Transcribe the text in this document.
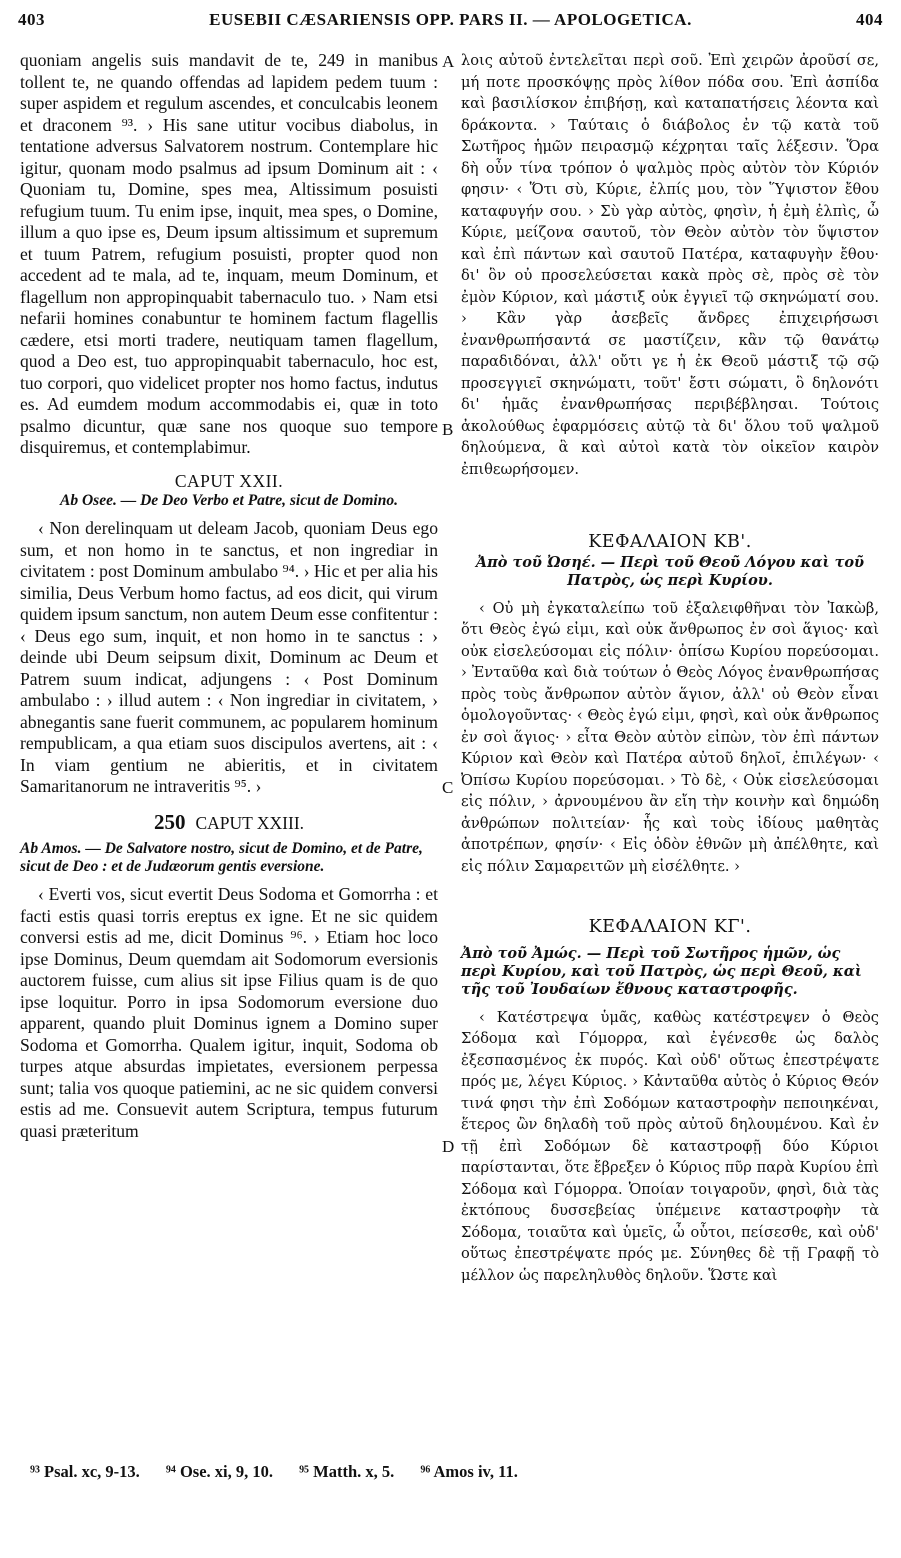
403	EUSEBII CÆSARIENSIS OPP. PARS II. — APOLOGETICA.	404
A
B
C
D

quoniam angelis suis mandavit de te, 249 in manibus tollent te, ne quando offendas ad lapidem pedem tuum : super aspidem et regulum ascendes, et conculcabis leonem et draconem ⁹³. › His sane utitur vocibus diabolus, in tentatione adversus Salvatorem nostrum. Contemplare hic igitur, quonam modo psalmus ad ipsum Dominum ait : ‹ Quoniam tu, Domine, spes mea, Altissimum posuisti refugium tuum. Tu enim ipse, inquit, mea spes, o Domine, illum a quo ipse es, Deum ipsum altissimum et supremum et tuum Patrem, refugium posuisti, propter quod non accedent ad te mala, ad te, inquam, meum Dominum, et flagellum non appropinquabit tabernaculo tuo. › Nam etsi nefarii homines conabuntur te hominem factum flagellis cædere, etsi morti tradere, neutiquam tamen flagellum, quod a Deo est, tuo appropinquabit tabernaculo, hoc est, tuo corpori, quo videlicet propter nos homo factus, indutus es. Ad eumdem modum accommodabis ei, quæ in toto psalmo dicuntur, quæ sane nos quoque suo tempore disquiremus, et contemplabimur.

CAPUT XXII.
Ab Osee. — De Deo Verbo et Patre, sicut de Domino.

‹ Non derelinquam ut deleam Jacob, quoniam Deus ego sum, et non homo in te sanctus, et non ingrediar in civitatem : post Dominum ambulabo ⁹⁴. › Hic et per alia his similia, Deus Verbum homo factus, ad eos dicit, qui virum quidem ipsum sanctum, non autem Deum esse confitentur : ‹ Deus ego sum, inquit, et non homo in te sanctus : › deinde ubi Deum seipsum dixit, Dominum ac Deum et Patrem suum indicat, adjungens : ‹ Post Dominum ambulabo : › illud autem : ‹ Non ingrediar in civitatem, › abnegantis sane fuerit communem, ac popularem hominum rempublicam, a qua etiam suos discipulos avertens, ait : ‹ In viam gentium ne abieritis, et in civitatem Samaritanorum ne intraveritis ⁹⁵. ›

250 CAPUT XXIII.
Ab Amos. — De Salvatore nostro, sicut de Domino, et de Patre, sicut de Deo : et de Judæorum gentis eversione.

‹ Everti vos, sicut evertit Deus Sodoma et Gomorrha : et facti estis quasi torris ereptus ex igne. Et ne sic quidem conversi estis ad me, dicit Dominus ⁹⁶. › Etiam hoc loco ipse Dominus, Deum quemdam ait Sodomorum eversionis auctorem fuisse, cum alius sit ipse Filius quam is de quo ipse loquitur. Porro in ipsa Sodomorum eversione duo apparent, quando pluit Dominus ignem a Domino super Sodoma et Gomorrha. Qualem igitur, inquit, Sodoma ob turpes atque absurdas impietates, eversionem perpessa sunt; talia vos quoque patiemini, ac ne sic quidem conversi estis ad me. Consuevit autem Scriptura, tempus futurum quasi præteritum

λοις αὐτοῦ ἐντελεῖται περὶ σοῦ. Ἐπὶ χειρῶν ἀροῦσί σε, μή ποτε προσκόψῃς πρὸς λίθον πόδα σου. Ἐπὶ ἀσπίδα καὶ βασιλίσκον ἐπιβήσῃ, καὶ καταπατήσεις λέοντα καὶ δράκοντα. › Ταύταις ὁ διάβολος ἐν τῷ κατὰ τοῦ Σωτῆρος ἡμῶν πειρασμῷ κέχρηται ταῖς λέξεσιν. Ὅρα δὴ οὖν τίνα τρόπον ὁ ψαλμὸς πρὸς αὐτὸν τὸν Κύριόν φησιν· ‹ Ὅτι σὺ, Κύριε, ἐλπίς μου, τὸν Ὕψιστον ἔθου καταφυγήν σου. › Σὺ γὰρ αὐτὸς, φησὶν, ἡ ἐμὴ ἐλπὶς, ὦ Κύριε, μείζονα σαυτοῦ, τὸν Θεὸν αὐτὸν τὸν ὕψιστον καὶ ἐπὶ πάντων καὶ σαυτοῦ Πατέρα, καταφυγὴν ἔθου· δι' ὃν οὐ προσελεύσεται κακὰ πρὸς σὲ, πρὸς σὲ τὸν ἐμὸν Κύριον, καὶ μάστιξ οὐκ ἐγγιεῖ τῷ σκηνώματί σου. › Κἂν γὰρ ἀσεβεῖς ἄνδρες ἐπιχειρήσωσι ἐνανθρωπήσαντά σε μαστίζειν, κἂν τῷ θανάτῳ παραδιδόναι, ἀλλ' οὔτι γε ἡ ἐκ Θεοῦ μάστιξ τῷ σῷ προσεγγιεῖ σκηνώματι, τοῦτ' ἔστι σώματι, ὃ δηλονότι δι' ἡμᾶς ἐνανθρωπήσας περιβέβλησαι. Τούτοις ἀκολούθως ἐφαρμόσεις αὐτῷ τὰ δι' ὅλου τοῦ ψαλμοῦ δηλούμενα, ἃ καὶ αὐτοὶ κατὰ τὸν οἰκεῖον καιρὸν ἐπιθεωρήσομεν.

ΚΕΦΑΛΑΙΟΝ ΚΒ'.
Ἀπὸ τοῦ Ὠσηέ. — Περὶ τοῦ Θεοῦ Λόγου καὶ τοῦ Πατρὸς, ὡς περὶ Κυρίου.

‹ Οὐ μὴ ἐγκαταλείπω τοῦ ἐξαλειφθῆναι τὸν Ἰακὼβ, ὅτι Θεὸς ἐγώ εἰμι, καὶ οὐκ ἄνθρωπος ἐν σοὶ ἅγιος· καὶ οὐκ εἰσελεύσομαι εἰς πόλιν· ὀπίσω Κυρίου πορεύσομαι. › Ἐνταῦθα καὶ διὰ τούτων ὁ Θεὸς Λόγος ἐνανθρωπήσας πρὸς τοὺς ἄνθρωπον αὐτὸν ἅγιον, ἀλλ' οὐ Θεὸν εἶναι ὁμολογοῦντας· ‹ Θεὸς ἐγώ εἰμι, φησὶ, καὶ οὐκ ἄνθρωπος ἐν σοὶ ἅγιος· › εἶτα Θεὸν αὐτὸν εἰπὼν, τὸν ἐπὶ πάντων Κύριον καὶ Θεὸν καὶ Πατέρα αὐτοῦ δηλοῖ, ἐπιλέγων· ‹ Ὀπίσω Κυρίου πορεύσομαι. › Τὸ δὲ, ‹ Οὐκ εἰσελεύσομαι εἰς πόλιν, › ἀρνουμένου ἂν εἴη τὴν κοινὴν καὶ δημώδη ἀνθρώπων πολιτείαν· ἧς καὶ τοὺς ἰδίους μαθητὰς ἀποτρέπων, φησίν· ‹ Εἰς ὁδὸν ἐθνῶν μὴ ἀπέλθητε, καὶ εἰς πόλιν Σαμαρειτῶν μὴ εἰσέλθητε. ›

ΚΕΦΑΛΑΙΟΝ ΚΓ'.
Ἀπὸ τοῦ Ἀμώς. — Περὶ τοῦ Σωτῆρος ἡμῶν, ὡς περὶ Κυρίου, καὶ τοῦ Πατρὸς, ὡς περὶ Θεοῦ, καὶ τῆς τοῦ Ἰουδαίων ἔθνους καταστροφῆς.

‹ Κατέστρεψα ὑμᾶς, καθὼς κατέστρεψεν ὁ Θεὸς Σόδομα καὶ Γόμορρα, καὶ ἐγένεσθε ὡς δαλὸς ἐξεσπασμένος ἐκ πυρός. Καὶ οὐδ' οὕτως ἐπεστρέψατε πρός με, λέγει Κύριος. › Κἀνταῦθα αὐτὸς ὁ Κύριος Θεόν τινά φησι τὴν ἐπὶ Σοδόμων καταστροφὴν πεποιηκέναι, ἕτερος ὢν δηλαδὴ τοῦ πρὸς αὐτοῦ δηλουμένου. Καὶ ἐν τῇ ἐπὶ Σοδόμων δὲ καταστροφῇ δύο Κύριοι παρίστανται, ὅτε ἔβρεξεν ὁ Κύριος πῦρ παρὰ Κυρίου ἐπὶ Σόδομα καὶ Γόμορρα. Ὁποίαν τοιγαροῦν, φησὶ, διὰ τὰς ἐκτόπους δυσσεβείας ὑπέμεινε καταστροφὴν τὰ Σόδομα, τοιαῦτα καὶ ὑμεῖς, ὦ οὗτοι, πείσεσθε, καὶ οὐδ' οὕτως ἐπεστρέψατε πρός με. Σύνηθες δὲ τῇ Γραφῇ τὸ μέλλον ὡς παρεληλυθὸς δηλοῦν. Ὥστε καὶ

⁹³ Psal. xc, 9-13. ⁹⁴ Ose. xi, 9, 10. ⁹⁵ Matth. x, 5. ⁹⁶ Amos iv, 11.
